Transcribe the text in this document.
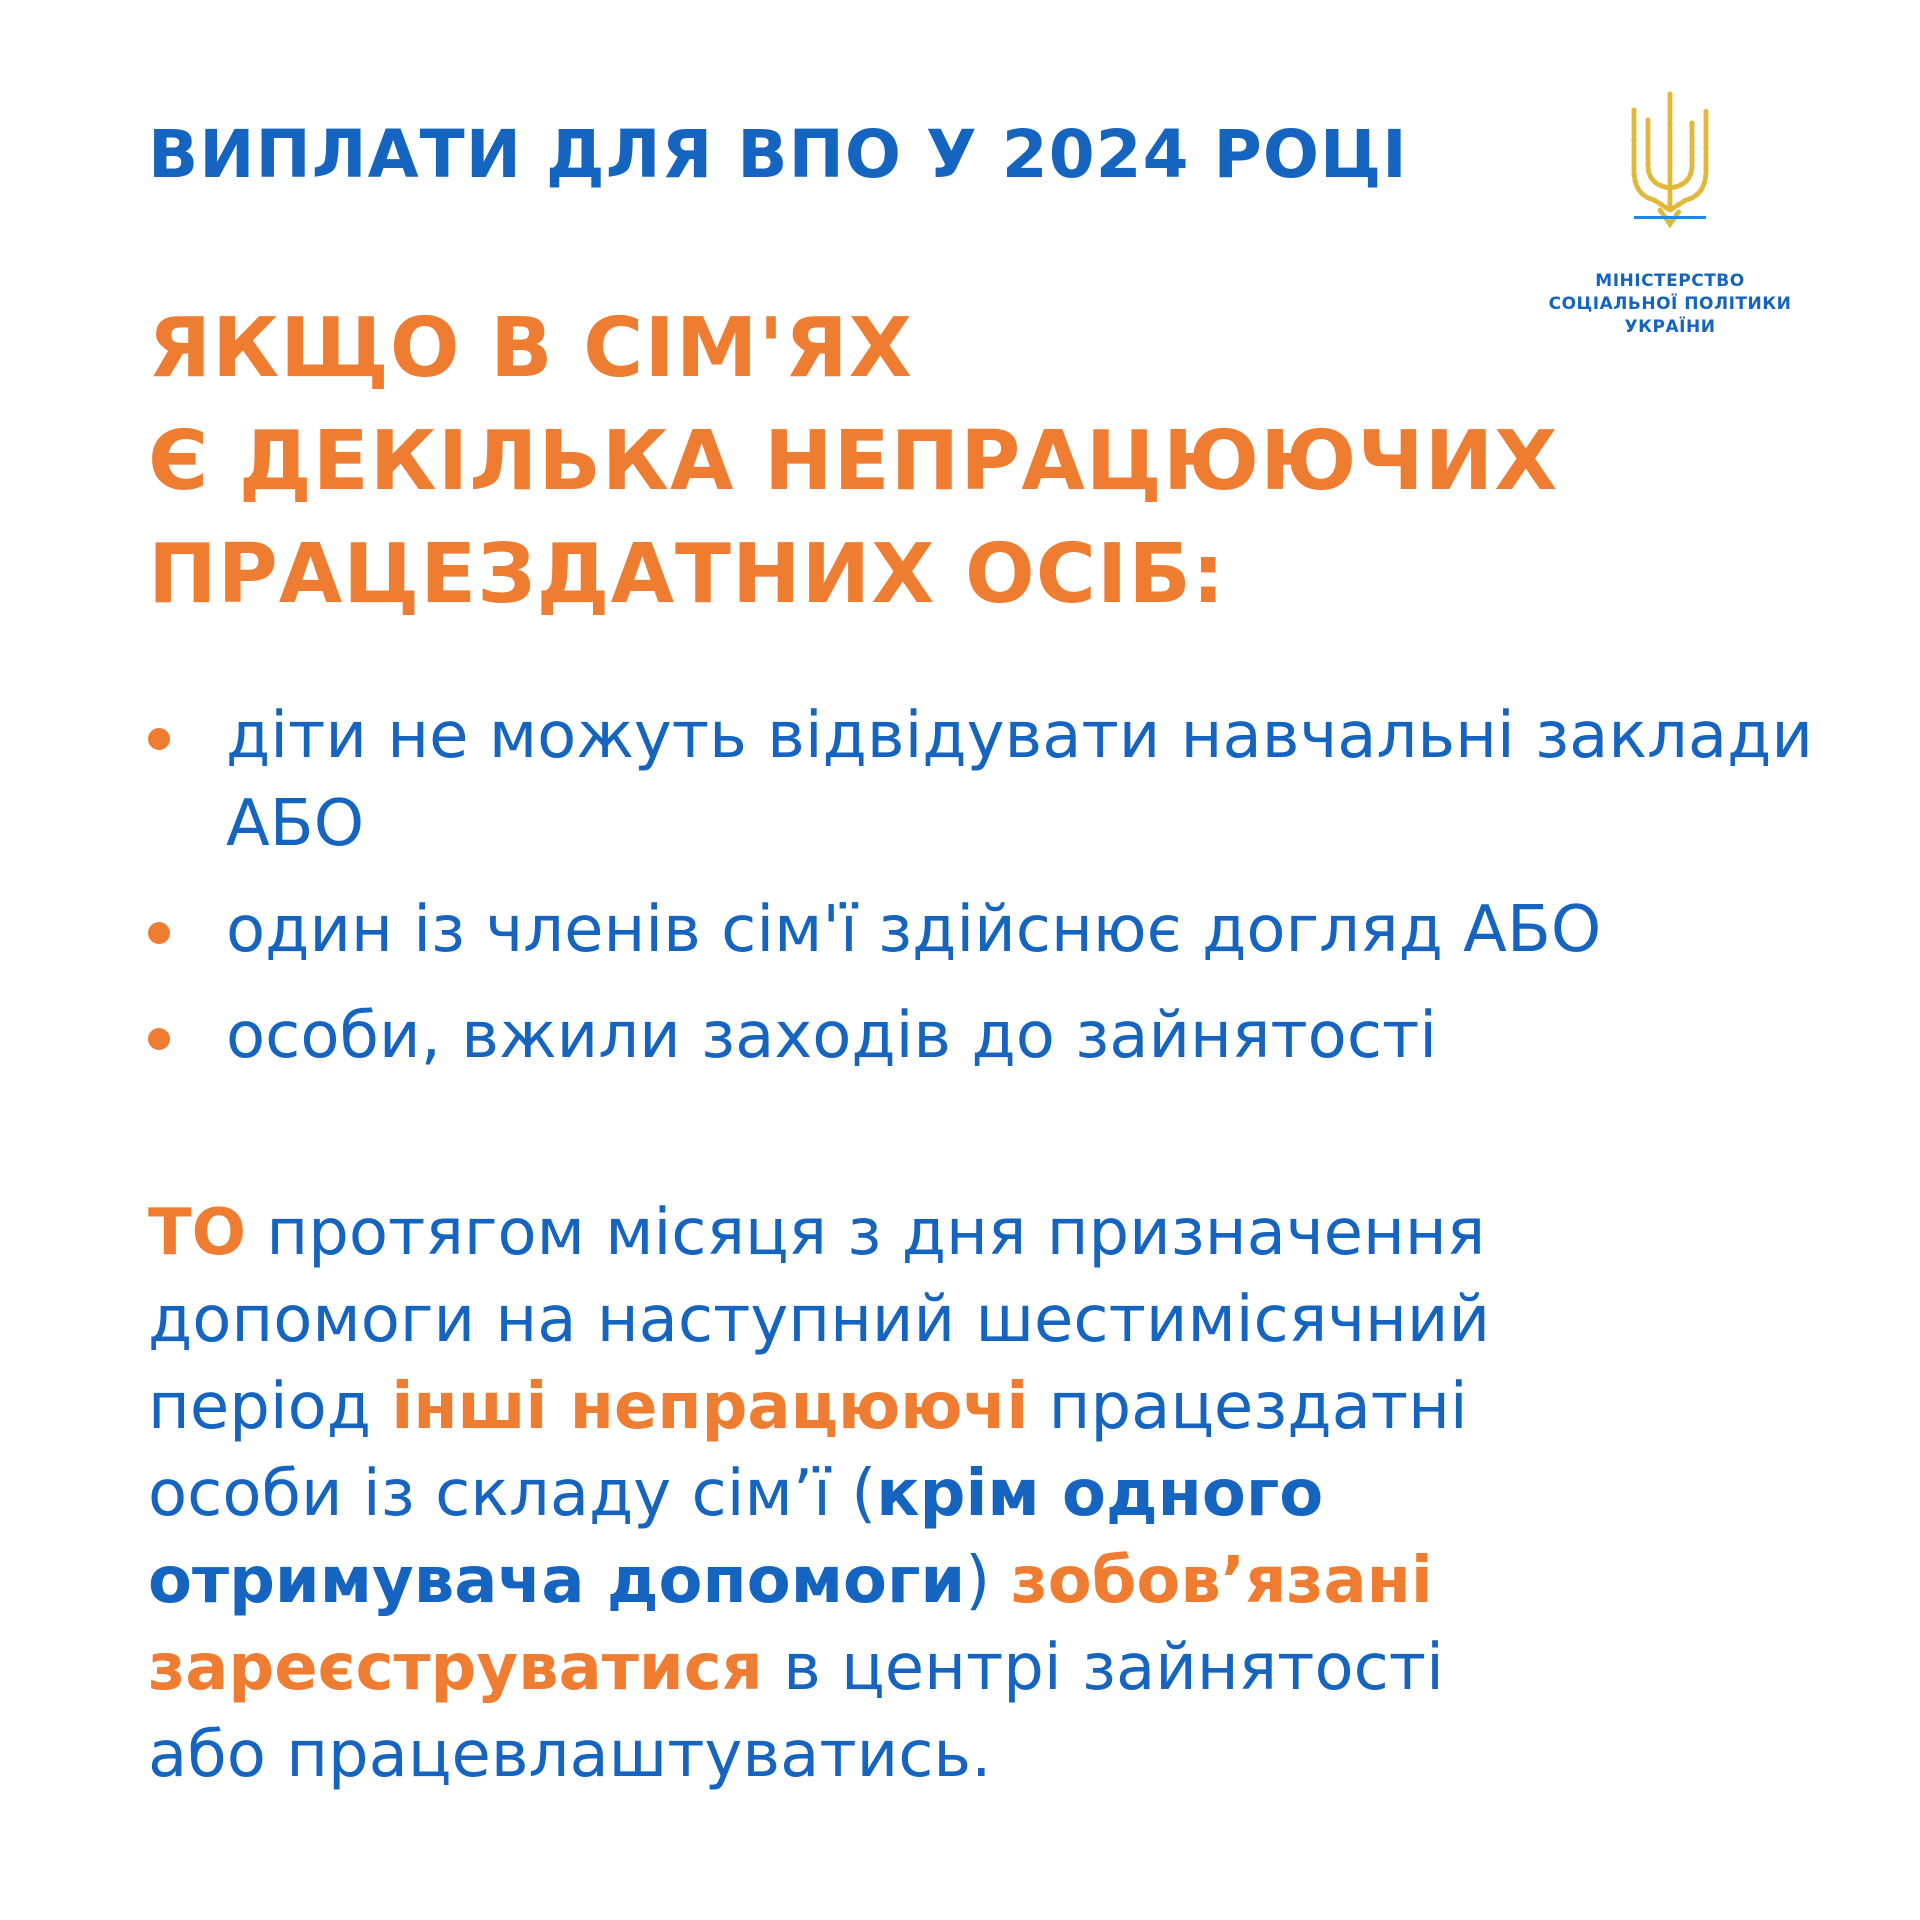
ВИПЛАТИ ДЛЯ ВПО У 2024 РОЦІ
МІНІСТЕРСТВО
СОЦІАЛЬНОЇ ПОЛІТИКИ
УКРАЇНИ
ЯКЩО В СІМ'ЯХ
Є ДЕКІЛЬКА НЕПРАЦЮЮЧИХ
ПРАЦЕЗДАТНИХ ОСІБ:
діти не можуть відвідувати навчальні заклади АБО
один із членів сім'ї здійснює догляд АБО
особи, вжили заходів до зайнятості
ТО протягом місяця з дня призначення
допомоги на наступний шестимісячний
період інші непрацюючі працездатні
особи із складу сім’ї (крім одного
отримувача допомоги) зобов’язані
зареєструватися в центрі зайнятості
або працевлаштуватись.
